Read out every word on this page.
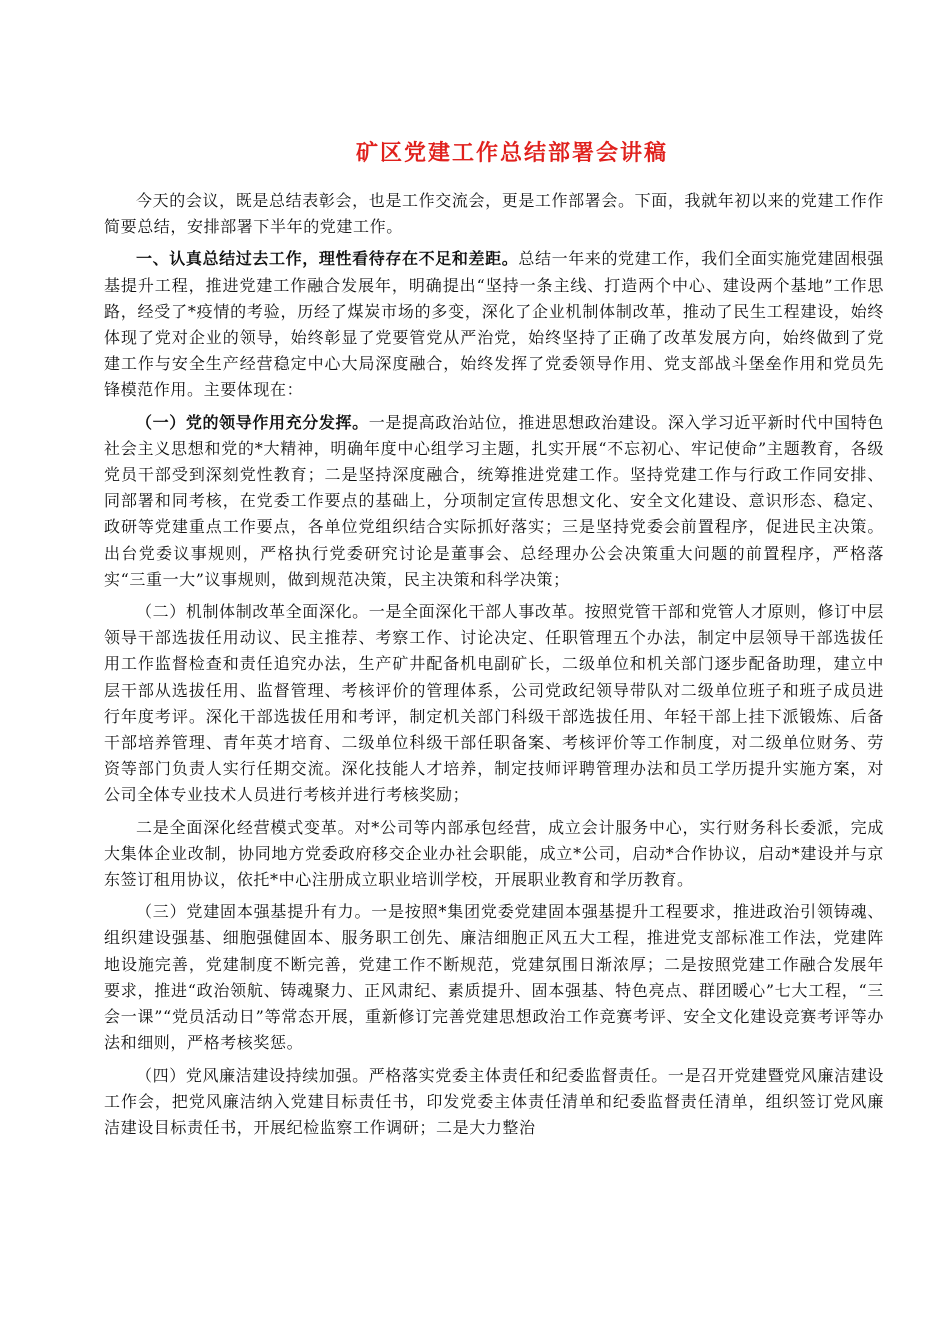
矿区党建工作总结部署会讲稿

今天的会议，既是总结表彰会，也是工作交流会，更是工作部署会。下面，我就年初以来的党建工作作简要总结，安排部署下半年的党建工作。

一、认真总结过去工作，理性看待存在不足和差距。总结一年来的党建工作，我们全面实施党建固根强基提升工程，推进党建工作融合发展年，明确提出“坚持一条主线、打造两个中心、建设两个基地”工作思路，经受了*疫情的考验，历经了煤炭市场的多变，深化了企业机制体制改革，推动了民生工程建设，始终体现了党对企业的领导，始终彰显了党要管党从严治党，始终坚持了正确了改革发展方向，始终做到了党建工作与安全生产经营稳定中心大局深度融合，始终发挥了党委领导作用、党支部战斗堡垒作用和党员先锋模范作用。主要体现在：

（一）党的领导作用充分发挥。一是提高政治站位，推进思想政治建设。深入学习近平新时代中国特色社会主义思想和党的*大精神，明确年度中心组学习主题，扎实开展“不忘初心、牢记使命”主题教育，各级党员干部受到深刻党性教育；二是坚持深度融合，统筹推进党建工作。坚持党建工作与行政工作同安排、同部署和同考核，在党委工作要点的基础上，分项制定宣传思想文化、安全文化建设、意识形态、稳定、政研等党建重点工作要点，各单位党组织结合实际抓好落实；三是坚持党委会前置程序，促进民主决策。出台党委议事规则，严格执行党委研究讨论是董事会、总经理办公会决策重大问题的前置程序，严格落实“三重一大”议事规则，做到规范决策，民主决策和科学决策；

（二）机制体制改革全面深化。一是全面深化干部人事改革。按照党管干部和党管人才原则，修订中层领导干部选拔任用动议、民主推荐、考察工作、讨论决定、任职管理五个办法，制定中层领导干部选拔任用工作监督检查和责任追究办法，生产矿井配备机电副矿长，二级单位和机关部门逐步配备助理，建立中层干部从选拔任用、监督管理、考核评价的管理体系，公司党政纪领导带队对二级单位班子和班子成员进行年度考评。深化干部选拔任用和考评，制定机关部门科级干部选拔任用、年轻干部上挂下派锻炼、后备干部培养管理、青年英才培育、二级单位科级干部任职备案、考核评价等工作制度，对二级单位财务、劳资等部门负责人实行任期交流。深化技能人才培养，制定技师评聘管理办法和员工学历提升实施方案，对公司全体专业技术人员进行考核并进行考核奖励；

二是全面深化经营模式变革。对*公司等内部承包经营，成立会计服务中心，实行财务科长委派，完成大集体企业改制，协同地方党委政府移交企业办社会职能，成立*公司，启动*合作协议，启动*建设并与京东签订租用协议，依托*中心注册成立职业培训学校，开展职业教育和学历教育。

（三）党建固本强基提升有力。一是按照*集团党委党建固本强基提升工程要求，推进政治引领铸魂、组织建设强基、细胞强健固本、服务职工创先、廉洁细胞正风五大工程，推进党支部标准工作法，党建阵地设施完善，党建制度不断完善，党建工作不断规范，党建氛围日渐浓厚；二是按照党建工作融合发展年要求，推进“政治领航、铸魂聚力、正风肃纪、素质提升、固本强基、特色亮点、群团暖心”七大工程，“三会一课”“党员活动日”等常态开展，重新修订完善党建思想政治工作竞赛考评、安全文化建设竞赛考评等办法和细则，严格考核奖惩。

（四）党风廉洁建设持续加强。严格落实党委主体责任和纪委监督责任。一是召开党建暨党风廉洁建设工作会，把党风廉洁纳入党建目标责任书，印发党委主体责任清单和纪委监督责任清单，组织签订党风廉洁建设目标责任书，开展纪检监察工作调研；二是大力整治
